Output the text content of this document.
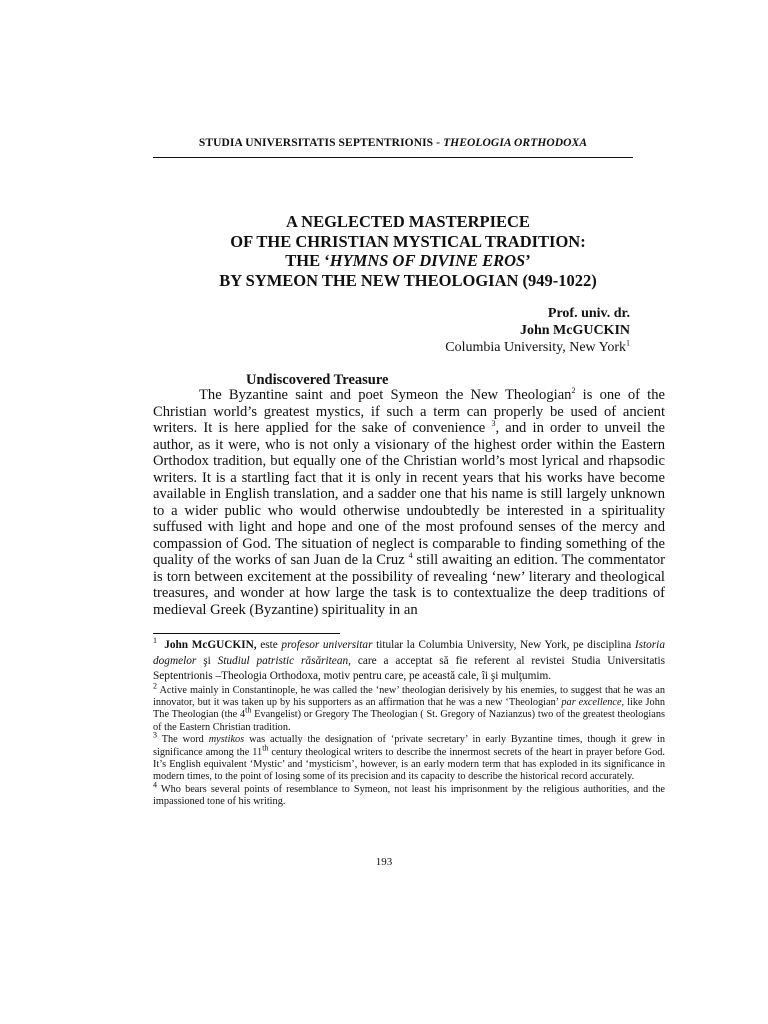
STUDIA UNIVERSITATIS SEPTENTRIONIS - THEOLOGIA ORTHODOXA
A NEGLECTED MASTERPIECE
OF THE CHRISTIAN MYSTICAL TRADITION:
THE ‘HYMNS OF DIVINE EROS’
BY SYMEON THE NEW THEOLOGIAN (949-1022)
Prof. univ. dr.
John McGUCKIN
Columbia University, New York$^1$
Undiscovered Treasure
The Byzantine saint and poet Symeon the New Theologian$^2$ is one of the Christian world’s greatest mystics, if such a term can properly be used of ancient writers. It is here applied for the sake of convenience $^3$, and in order to unveil the author, as it were, who is not only a visionary of the highest order within the Eastern Orthodox tradition, but equally one of the Christian world’s most lyrical and rhapsodic writers. It is a startling fact that it is only in recent years that his works have become available in English translation, and a sadder one that his name is still largely unknown to a wider public who would otherwise undoubtedly be interested in a spirituality suffused with light and hope and one of the most profound senses of the mercy and compassion of God. The situation of neglect is comparable to finding something of the quality of the works of san Juan de la Cruz $^4$ still awaiting an edition. The commentator is torn between excitement at the possibility of revealing ‘new’ literary and theological treasures, and wonder at how large the task is to contextualize the deep traditions of medieval Greek (Byzantine) spirituality in an

$^1$ John McGUCKIN, este profesor universitar titular la Columbia University, New York, pe disciplina Istoria dogmelor şi Studiul patristic răsăritean, care a acceptat să fie referent al revistei Studia Universitatis Septentrionis –Theologia Orthodoxa, motiv pentru care, pe această cale, îi şi mulţumim.

$^2$ Active mainly in Constantinople, he was called the ‘new’ theologian derisively by his enemies, to suggest that he was an innovator, but it was taken up by his supporters as an affirmation that he was a new ‘Theologian’ par excellence, like John The Theologian (the 4th Evangelist) or Gregory The Theologian ( St. Gregory of Nazianzus) two of the greatest theologians of the Eastern Christian tradition.

$^3$ The word mystikos was actually the designation of ‘private secretary’ in early Byzantine times, though it grew in significance among the 11th century theological writers to describe the innermost secrets of the heart in prayer before God. It’s English equivalent ‘Mystic’ and ‘mysticism’, however, is an early modern term that has exploded in its significance in modern times, to the point of losing some of its precision and its capacity to describe the historical record accurately.

$^4$ Who bears several points of resemblance to Symeon, not least his imprisonment by the religious authorities, and the impassioned tone of his writing.

193
